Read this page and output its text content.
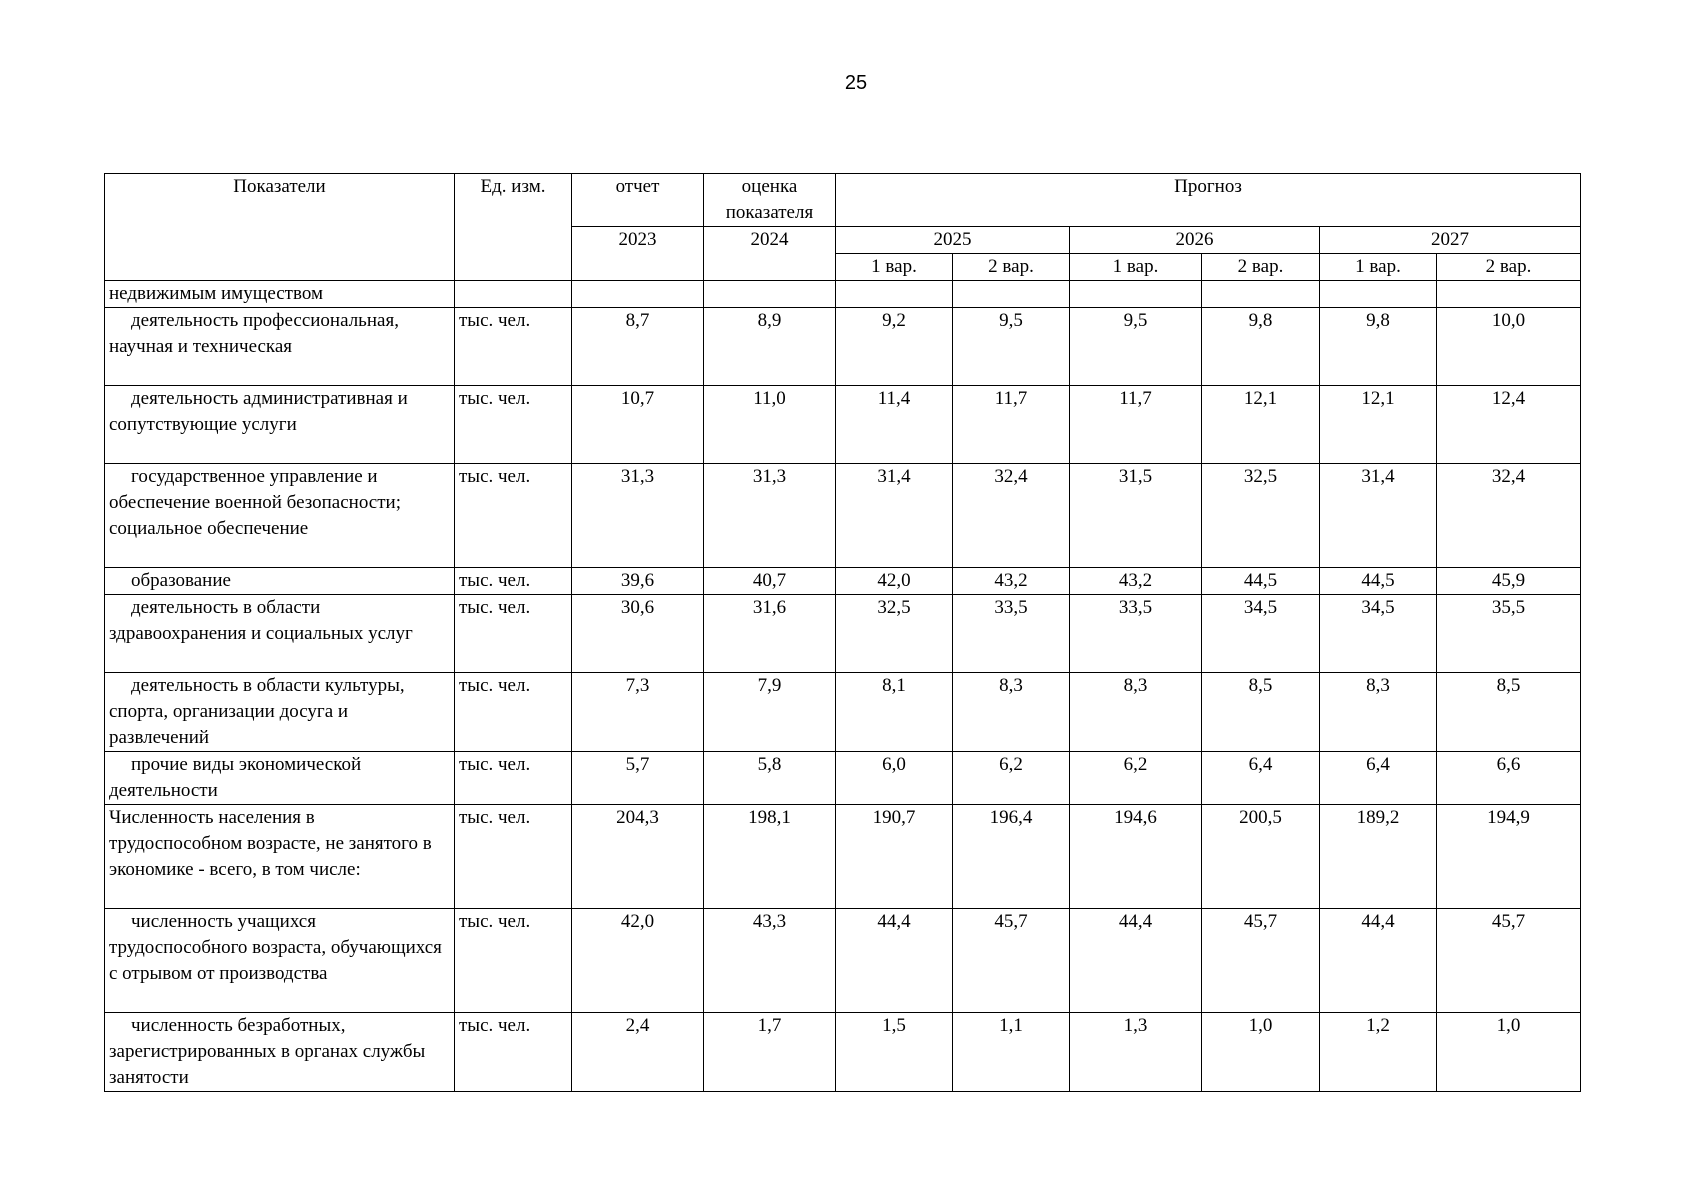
25
Показатели	Ед. изм.	отчет	оценка показателя	Прогноз					
		2023	2024	2025		2026		2027	
				1 вар.	2 вар.	1 вар.	2 вар.	1 вар.	2 вар.
недвижимым имуществом									
деятельность профессиональная, научная и техническая	тыс. чел.	8,7	8,9	9,2	9,5	9,5	9,8	9,8	10,0
деятельность административная и сопутствующие услуги	тыс. чел.	10,7	11,0	11,4	11,7	11,7	12,1	12,1	12,4
государственное управление и обеспечение военной безопасности; социальное обеспечение	тыс. чел.	31,3	31,3	31,4	32,4	31,5	32,5	31,4	32,4
образование	тыс. чел.	39,6	40,7	42,0	43,2	43,2	44,5	44,5	45,9
деятельность в области здравоохранения и социальных услуг	тыс. чел.	30,6	31,6	32,5	33,5	33,5	34,5	34,5	35,5
деятельность в области культуры, спорта, организации досуга и развлечений	тыс. чел.	7,3	7,9	8,1	8,3	8,3	8,5	8,3	8,5
прочие виды экономической деятельности	тыс. чел.	5,7	5,8	6,0	6,2	6,2	6,4	6,4	6,6
Численность населения в трудоспособном возрасте, не занятого в экономике - всего, в том числе:	тыс. чел.	204,3	198,1	190,7	196,4	194,6	200,5	189,2	194,9
численность учащихся трудоспособного возраста, обучающихся с отрывом от производства	тыс. чел.	42,0	43,3	44,4	45,7	44,4	45,7	44,4	45,7
численность безработных, зарегистрированных в органах службы занятости	тыс. чел.	2,4	1,7	1,5	1,1	1,3	1,0	1,2	1,0
